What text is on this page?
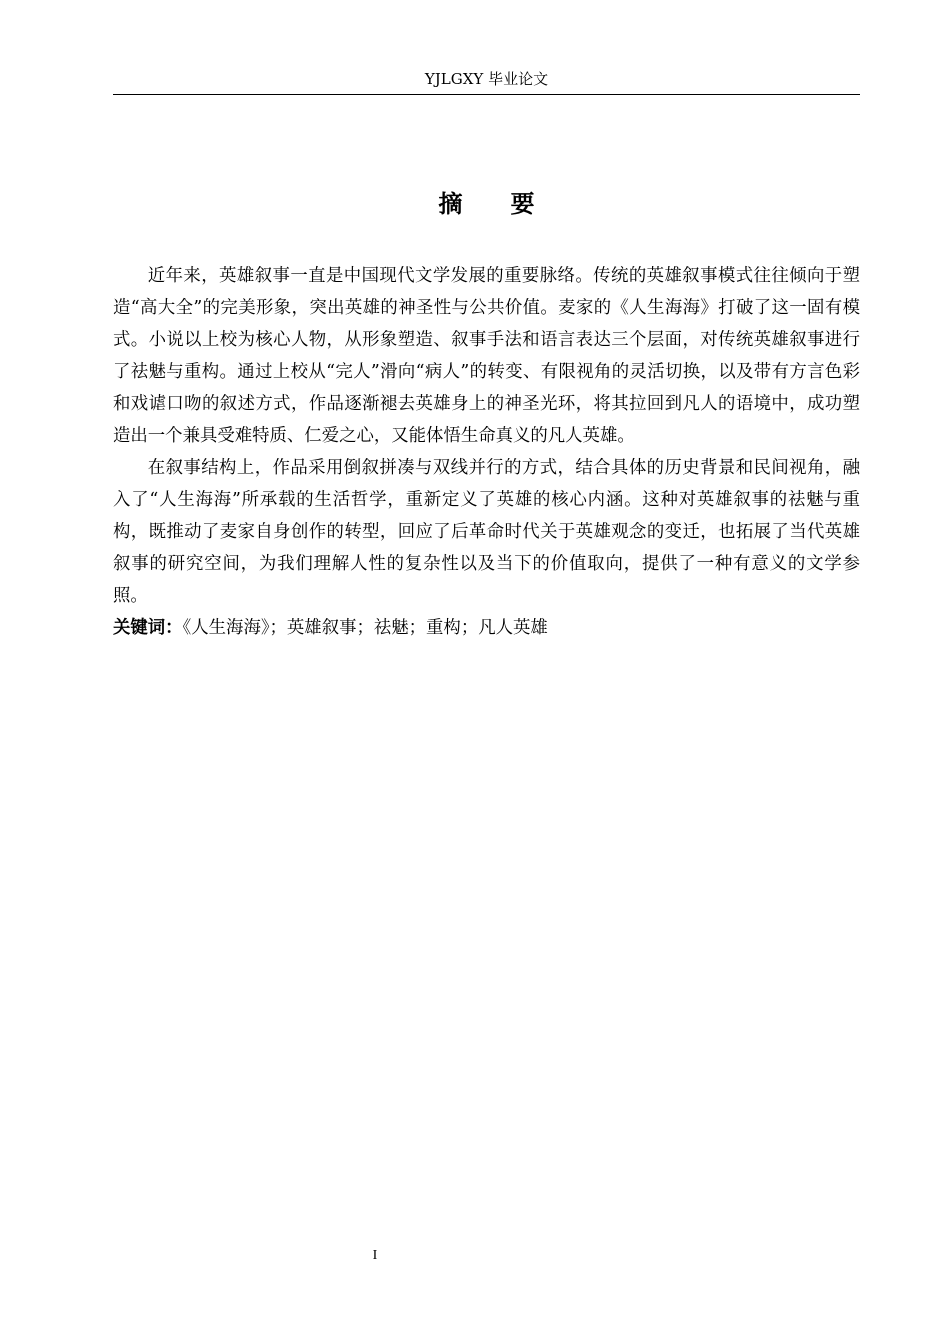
YJLGXY 毕业论文
摘 要

近年来，英雄叙事一直是中国现代文学发展的重要脉络。传统的英雄叙事模式往往倾向于塑造“高大全”的完美形象，突出英雄的神圣性与公共价值。麦家的《人生海海》打破了这一固有模式。小说以上校为核心人物，从形象塑造、叙事手法和语言表达三个层面，对传统英雄叙事进行了祛魅与重构。通过上校从“完人”滑向“病人”的转变、有限视角的灵活切换，以及带有方言色彩和戏谑口吻的叙述方式，作品逐渐褪去英雄身上的神圣光环，将其拉回到凡人的语境中，成功塑造出一个兼具受难特质、仁爱之心，又能体悟生命真义的凡人英雄。

在叙事结构上，作品采用倒叙拼凑与双线并行的方式，结合具体的历史背景和民间视角，融入了“人生海海”所承载的生活哲学，重新定义了英雄的核心内涵。这种对英雄叙事的祛魅与重构，既推动了麦家自身创作的转型，回应了后革命时代关于英雄观念的变迁，也拓展了当代英雄叙事的研究空间，为我们理解人性的复杂性以及当下的价值取向，提供了一种有意义的文学参照。

关键词：《人生海海》；英雄叙事；祛魅；重构；凡人英雄
I
